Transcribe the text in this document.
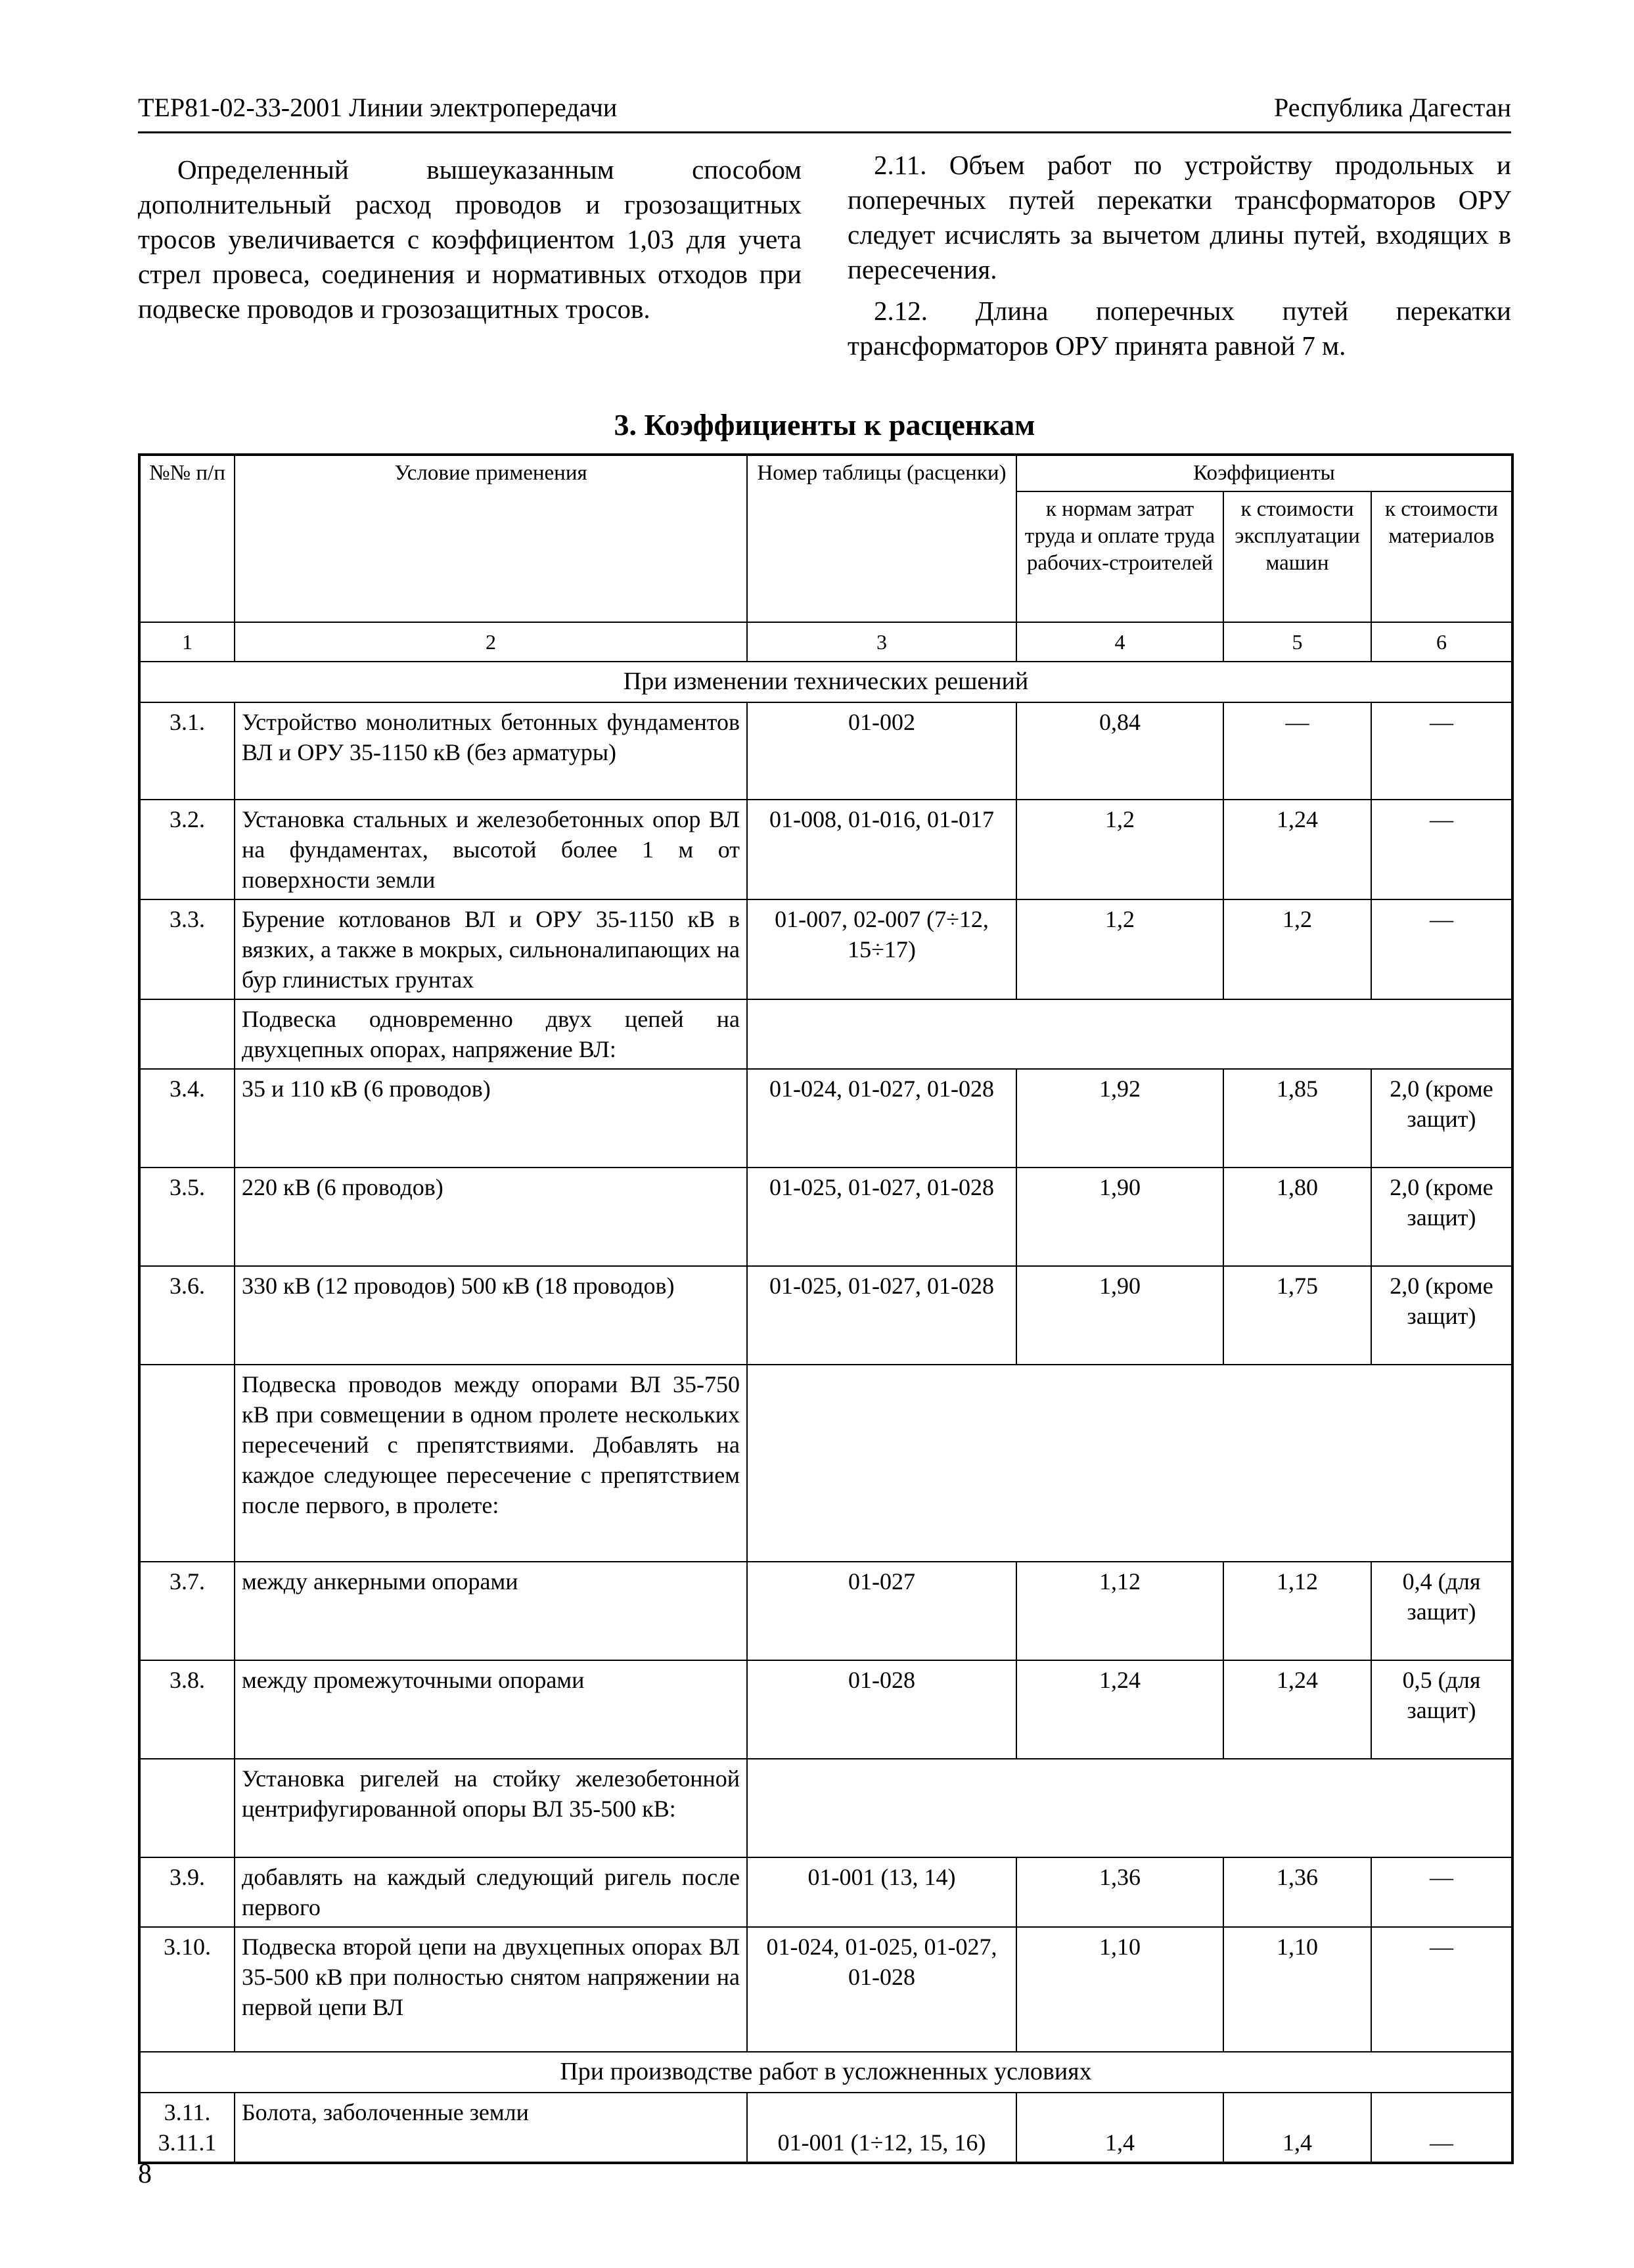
ТЕР81-02-33-2001 Линии электропередачи	Республика Дагестан
Определенный вышеуказанным способом дополнительный расход проводов и грозозащитных тросов увеличивается с коэффициентом 1,03 для учета стрел провеса, соединения и нормативных отходов при подвеске проводов и грозозащитных тросов.

2.11. Объем работ по устройству продольных и поперечных путей перекатки трансформаторов ОРУ следует исчислять за вычетом длины путей, входящих в пересечения.

2.12. Длина поперечных путей перекатки трансформаторов ОРУ принята равной 7 м.

3. Коэффициенты к расценкам
№№ п/п	Условие применения	Номер таблицы (расценки)	Коэффициенты		
			к нормам затрат труда и оплате труда рабочих-строителей	к стоимости эксплуатации машин	к стоимости материалов
1	2	3	4	5	6
При изменении технических решений					
3.1.	Устройство монолитных бетонных фундаментов ВЛ и ОРУ 35-1150 кВ (без арматуры)	01-002	0,84	—	—
3.2.	Установка стальных и железобетонных опор ВЛ на фундаментах, высотой более 1 м от поверхности земли	01-008, 01-016, 01-017	1,2	1,24	—
3.3.	Бурение котлованов ВЛ и ОРУ 35-1150 кВ в вязких, а также в мокрых, сильноналипающих на бур глинистых грунтах	01-007, 02-007 (7÷12, 15÷17)	1,2	1,2	—
	Подвеска одновременно двух цепей на двухцепных опорах, напряжение ВЛ:				
3.4.	35 и 110 кВ (6 проводов)	01-024, 01-027, 01-028	1,92	1,85	2,0 (кроме защит)
3.5.	220 кВ (6 проводов)	01-025, 01-027, 01-028	1,90	1,80	2,0 (кроме защит)
3.6.	330 кВ (12 проводов) 500 кВ (18 проводов)	01-025, 01-027, 01-028	1,90	1,75	2,0 (кроме защит)
	Подвеска проводов между опорами ВЛ 35-750 кВ при совмещении в одном пролете нескольких пересечений с препятствиями. Добавлять на каждое следующее пересечение с препятствием после первого, в пролете:				
3.7.	между анкерными опорами	01-027	1,12	1,12	0,4 (для защит)
3.8.	между промежуточными опорами	01-028	1,24	1,24	0,5 (для защит)
	Установка ригелей на стойку железобетонной центрифугированной опоры ВЛ 35-500 кВ:				
3.9.	добавлять на каждый следующий ригель после первого	01-001 (13, 14)	1,36	1,36	—
3.10.	Подвеска второй цепи на двухцепных опорах ВЛ 35-500 кВ при полностью снятом напряжении на первой цепи ВЛ	01-024, 01-025, 01-027, 01-028	1,10	1,10	—
При производстве работ в усложненных условиях					
3.11. 3.11.1	Болота, заболоченные земли	01-001 (1÷12, 15, 16)	1,4	1,4	—
8
